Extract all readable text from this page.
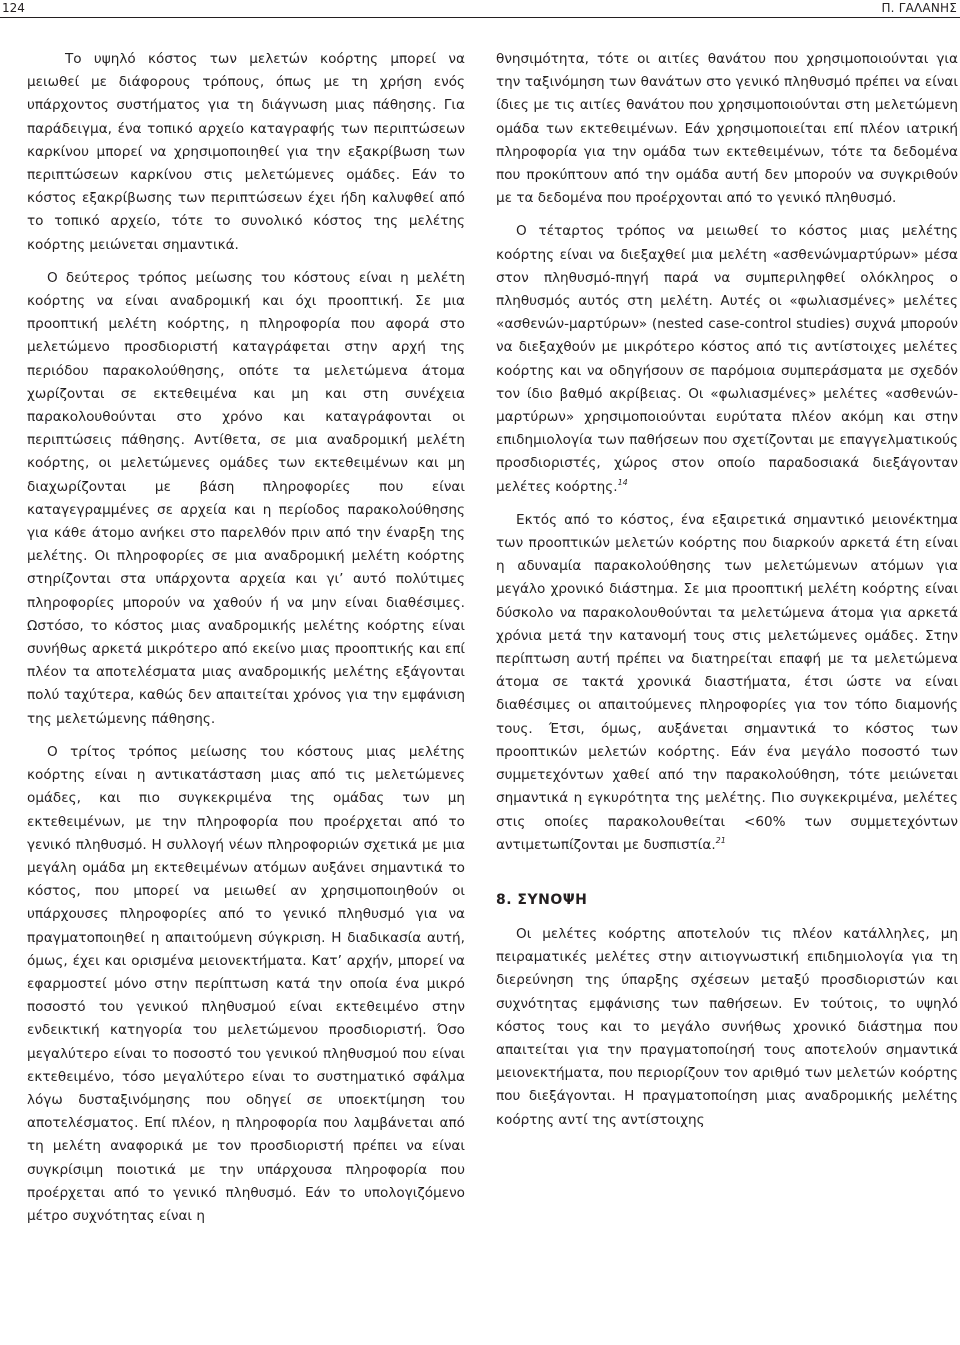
124	Π. ΓΑΛΑΝΗΣ

Το υψηλό κόστος των μελετών κοόρτης μπορεί να μειωθεί με διάφορους τρόπους, όπως με τη χρήση ενός υπάρχοντος συστήματος για τη διάγνωση μιας πάθησης. Για παράδειγμα, ένα τοπικό αρχείο καταγραφής των περιπτώσεων καρκίνου μπορεί να χρησιμοποιηθεί για την εξακρίβωση των περιπτώσεων καρκίνου στις μελετώμενες ομάδες. Εάν το κόστος εξακρίβωσης των περιπτώσεων έχει ήδη καλυφθεί από το τοπικό αρχείο, τότε το συνολικό κόστος της μελέτης κοόρτης μειώνεται σημαντικά.

Ο δεύτερος τρόπος μείωσης του κόστους είναι η μελέτη κοόρτης να είναι αναδρομική και όχι προοπτική. Σε μια προοπτική μελέτη κοόρτης, η πληροφορία που αφορά στο μελετώμενο προσδιοριστή καταγράφεται στην αρχή της περιόδου παρακολούθησης, οπότε τα μελετώμενα άτομα χωρίζονται σε εκτεθειμένα και μη και στη συνέχεια παρακολουθούνται στο χρόνο και καταγράφονται οι περιπτώσεις πάθησης. Αντίθετα, σε μια αναδρομική μελέτη κοόρτης, οι μελετώμενες ομάδες των εκτεθειμένων και μη διαχωρίζονται με βάση πληροφορίες που είναι καταγεγραμμένες σε αρχεία και η περίοδος παρακολούθησης για κάθε άτομο ανήκει στο παρελθόν πριν από την έναρξη της μελέτης. Οι πληροφορίες σε μια αναδρομική μελέτη κοόρτης στηρίζονται στα υπάρχοντα αρχεία και γι’ αυτό πολύτιμες πληροφορίες μπορούν να χαθούν ή να μην είναι διαθέσιμες. Ωστόσο, το κόστος μιας αναδρομικής μελέτης κοόρτης είναι συνήθως αρκετά μικρότερο από εκείνο μιας προοπτικής και επί πλέον τα αποτελέσματα μιας αναδρομικής μελέτης εξάγονται πολύ ταχύτερα, καθώς δεν απαιτείται χρόνος για την εμφάνιση της μελετώμενης πάθησης.

Ο τρίτος τρόπος μείωσης του κόστους μιας μελέτης κοόρτης είναι η αντικατάσταση μιας από τις μελετώμενες ομάδες, και πιο συγκεκριμένα της ομάδας των μη εκτεθειμένων, με την πληροφορία που προέρχεται από το γενικό πληθυσμό. Η συλλογή νέων πληροφοριών σχετικά με μια μεγάλη ομάδα μη εκτεθειμένων ατόμων αυξάνει σημαντικά το κόστος, που μπορεί να μειωθεί αν χρησιμοποιηθούν οι υπάρχουσες πληροφορίες από το γενικό πληθυσμό για να πραγματοποιηθεί η απαιτούμενη σύγκριση. Η διαδικασία αυτή, όμως, έχει και ορισμένα μειονεκτήματα. Κατ’ αρχήν, μπορεί να εφαρμοστεί μόνο στην περίπτωση κατά την οποία ένα μικρό ποσοστό του γενικού πληθυσμού είναι εκτεθειμένο στην ενδεικτική κατηγορία του μελετώμενου προσδιοριστή. Όσο μεγαλύτερο είναι το ποσοστό του γενικού πληθυσμού που είναι εκτεθειμένο, τόσο μεγαλύτερο είναι το συστηματικό σφάλμα λόγω δυσταξινόμησης που οδηγεί σε υποεκτίμηση του αποτελέσματος. Επί πλέον, η πληροφορία που λαμβάνεται από τη μελέτη αναφορικά με τον προσδιοριστή πρέπει να είναι συγκρίσιμη ποιοτικά με την υπάρχουσα πληροφορία που προέρχεται από το γενικό πληθυσμό. Εάν το υπολογιζόμενο μέτρο συχνότητας είναι η

θνησιμότητα, τότε οι αιτίες θανάτου που χρησιμοποιούνται για την ταξινόμηση των θανάτων στο γενικό πληθυσμό πρέπει να είναι ίδιες με τις αιτίες θανάτου που χρησιμοποιούνται στη μελετώμενη ομάδα των εκτεθειμένων. Εάν χρησιμοποιείται επί πλέον ιατρική πληροφορία για την ομάδα των εκτεθειμένων, τότε τα δεδομένα που προκύπτουν από την ομάδα αυτή δεν μπορούν να συγκριθούν με τα δεδομένα που προέρχονται από το γενικό πληθυσμό.

Ο τέταρτος τρόπος να μειωθεί το κόστος μιας μελέτης κοόρτης είναι να διεξαχθεί μια μελέτη «ασθενώνμαρτύρων» μέσα στον πληθυσμό-πηγή παρά να συμπεριληφθεί ολόκληρος ο πληθυσμός αυτός στη μελέτη. Αυτές οι «φωλιασμένες» μελέτες «ασθενών-μαρτύρων» (nested case-control studies) συχνά μπορούν να διεξαχθούν με μικρότερο κόστος από τις αντίστοιχες μελέτες κοόρτης και να οδηγήσουν σε παρόμοια συμπεράσματα με σχεδόν τον ίδιο βαθμό ακρίβειας. Οι «φωλιασμένες» μελέτες «ασθενών-μαρτύρων» χρησιμοποιούνται ευρύτατα πλέον ακόμη και στην επιδημιολογία των παθήσεων που σχετίζονται με επαγγελματικούς προσδιοριστές, χώρος στον οποίο παραδοσιακά διεξάγονταν μελέτες κοόρτης.$^{14}$

Εκτός από το κόστος, ένα εξαιρετικά σημαντικό μειονέκτημα των προοπτικών μελετών κοόρτης που διαρκούν αρκετά έτη είναι η αδυναμία παρακολούθησης των μελετώμενων ατόμων για μεγάλο χρονικό διάστημα. Σε μια προοπτική μελέτη κοόρτης είναι δύσκολο να παρακολουθούνται τα μελετώμενα άτομα για αρκετά χρόνια μετά την κατανομή τους στις μελετώμενες ομάδες. Στην περίπτωση αυτή πρέπει να διατηρείται επαφή με τα μελετώμενα άτομα σε τακτά χρονικά διαστήματα, έτσι ώστε να είναι διαθέσιμες οι απαιτούμενες πληροφορίες για τον τόπο διαμονής τους. Έτσι, όμως, αυξάνεται σημαντικά το κόστος των προοπτικών μελετών κοόρτης. Εάν ένα μεγάλο ποσοστό των συμμετεχόντων χαθεί από την παρακολούθηση, τότε μειώνεται σημαντικά η εγκυρότητα της μελέτης. Πιο συγκεκριμένα, μελέτες στις οποίες παρακολουθείται <60% των συμμετεχόντων αντιμετωπίζονται με δυσπιστία.$^{21}$

8. ΣΥΝΟΨΗ

Οι μελέτες κοόρτης αποτελούν τις πλέον κατάλληλες, μη πειραματικές μελέτες στην αιτιογνωστική επιδημιολογία για τη διερεύνηση της ύπαρξης σχέσεων μεταξύ προσδιοριστών και συχνότητας εμφάνισης των παθήσεων. Εν τούτοις, το υψηλό κόστος τους και το μεγάλο συνήθως χρονικό διάστημα που απαιτείται για την πραγματοποίησή τους αποτελούν σημαντικά μειονεκτήματα, που περιορίζουν τον αριθμό των μελετών κοόρτης που διεξάγονται. Η πραγματοποίηση μιας αναδρομικής μελέτης κοόρτης αντί της αντίστοιχης
